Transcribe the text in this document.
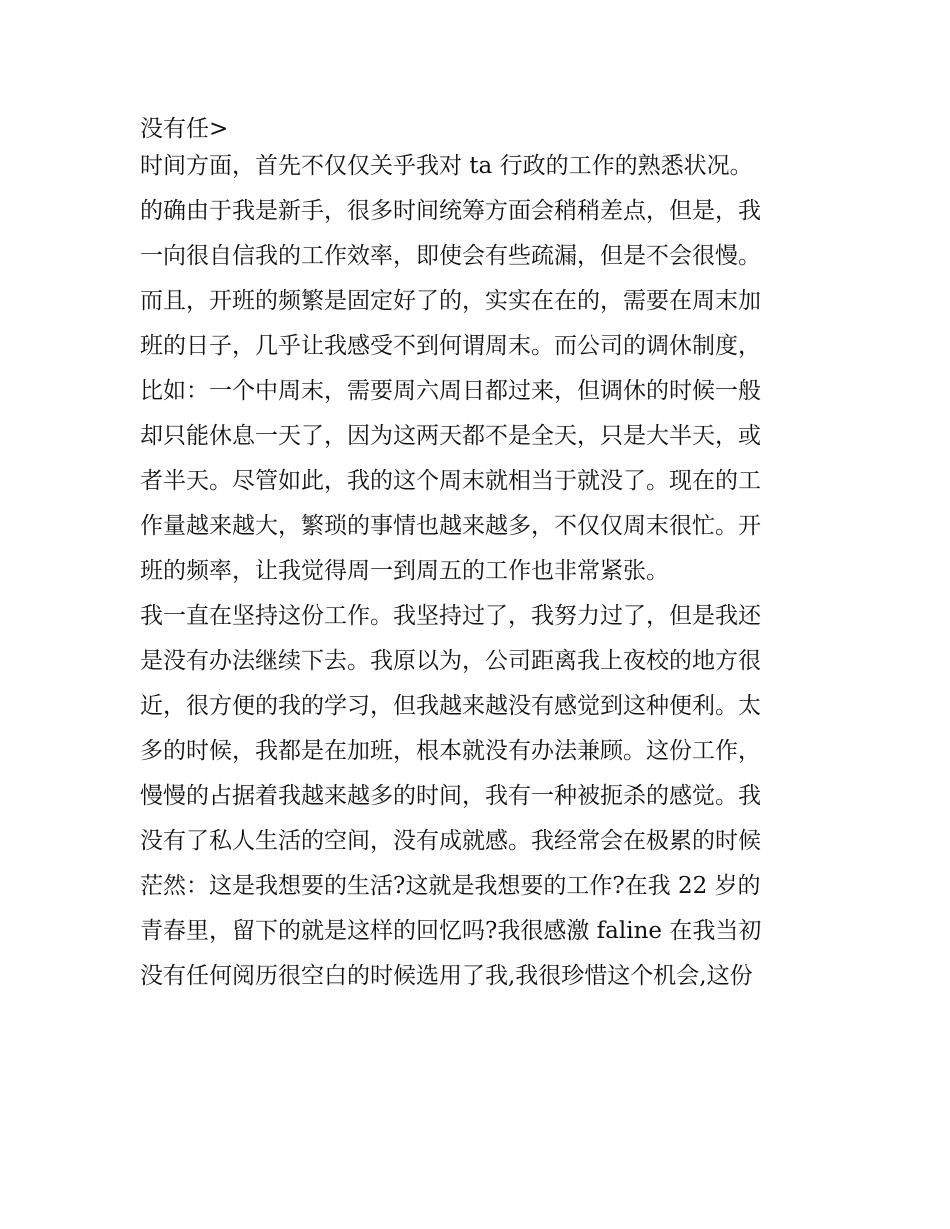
没有任>

时间方面，首先不仅仅关乎我对 ta 行政的工作的熟悉状况。

的确由于我是新手，很多时间统筹方面会稍稍差点，但是，我

一向很自信我的工作效率，即使会有些疏漏，但是不会很慢。

而且，开班的频繁是固定好了的，实实在在的，需要在周末加

班的日子，几乎让我感受不到何谓周末。而公司的调休制度，

比如：一个中周末，需要周六周日都过来，但调休的时候一般

却只能休息一天了，因为这两天都不是全天，只是大半天，或

者半天。尽管如此，我的这个周末就相当于就没了。现在的工

作量越来越大，繁琐的事情也越来越多，不仅仅周末很忙。开

班的频率，让我觉得周一到周五的工作也非常紧张。

我一直在坚持这份工作。我坚持过了，我努力过了，但是我还

是没有办法继续下去。我原以为，公司距离我上夜校的地方很

近，很方便的我的学习，但我越来越没有感觉到这种便利。太

多的时候，我都是在加班，根本就没有办法兼顾。这份工作，

慢慢的占据着我越来越多的时间，我有一种被扼杀的感觉。我

没有了私人生活的空间，没有成就感。我经常会在极累的时候

茫然：这是我想要的生活?这就是我想要的工作?在我 22 岁的

青春里，留下的就是这样的回忆吗?我很感激 faline 在我当初

没有任何阅历很空白的时候选用了我,我很珍惜这个机会,这份
